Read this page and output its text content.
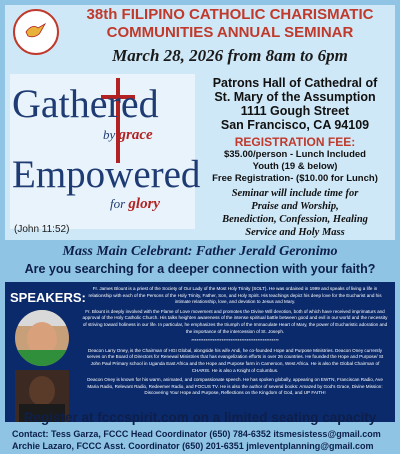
38th FILIPINO CATHOLIC CHARISMATIC
COMMUNITIES ANNUAL SEMINAR
March 28, 2026 from 8am to 6pm
Gathered
by grace
Empowered
for glory
(John 11:52)
Patrons Hall of Cathedral of
St. Mary of the Assumption
1111 Gough Street
San Francisco, CA 94109
REGISTRATION FEE:
$35.00/person - Lunch Included
Youth (19 & below)
Free Registration- ($10.00 for Lunch)
Seminar will include time for
Praise and Worship,
Benediction, Confession, Healing
Service and Holy Mass
Mass Main Celebrant: Father Jerald Geronimo
Are you searching for a deeper connection with your faith?
SPEAKERS:

Fr. James Blount is a priest of the Society of Our Lady of the Most Holy Trinity (SOLT). He was ordained in 1999 and speaks of living a life in relationship with each of the Persons of the Holy Trinity, Father, Son, and Holy Spirit. His teachings depict his deep love for the Eucharist and his intimate relationship, love, and devotion to Jesus and Mary.

Fr. Blount is deeply involved with the Flame of Love movement and promotes the Divine Will devotion, both of which have received imprimaturs and approval of the Holy Catholic Church. His talks heighten awareness of the intense spiritual battle between good and evil in our world and the necessity of striving toward holiness in our life. In particular, he emphasizes the triumph of the Immaculate Heart of Mary, the power of Eucharistic adoration and the importance of the intercession of St. Joseph.

*************************************************

Deacon Larry Oney, is the Chairman of HGI Global, alongside his wife Andi, he co-founded Hope and Purpose Ministries. Deacon Oney currently serves on the Board of Directors for Renewal Ministries that has evangelization efforts in over 26 countries. He founded the Hope and Purpose/ St John Paul Primary school in Uganda East Africa and the Hope and Purpose farm in Cameroon, West Africa. He is also the Global Chairman of CHARIS. He is also a Knight of Columbus.

Deacon Oney is known for his warm, animated, and compassionate speech. He has spoken globally, appearing on EWTN, Franciscan Radio, Ave Maria Radio, Relevant Radio, Redeemer Radio, and FOCUS TV. He is also the author of several books: Amazed by God's Grace, Divine Mission: Discovering Your Hope and Purpose, Reflections on the Kingdom of God, and UP FAITH!

Register at fcccspirit.com on a limited seating capacity
Contact: Tess Garza, FCCC Head Coordinator (650) 784-6352 itsmesistess@gmail.com
Archie Lazaro, FCCC Asst. Coordinator (650) 201-6351 jmleventplanning@gmail.com
